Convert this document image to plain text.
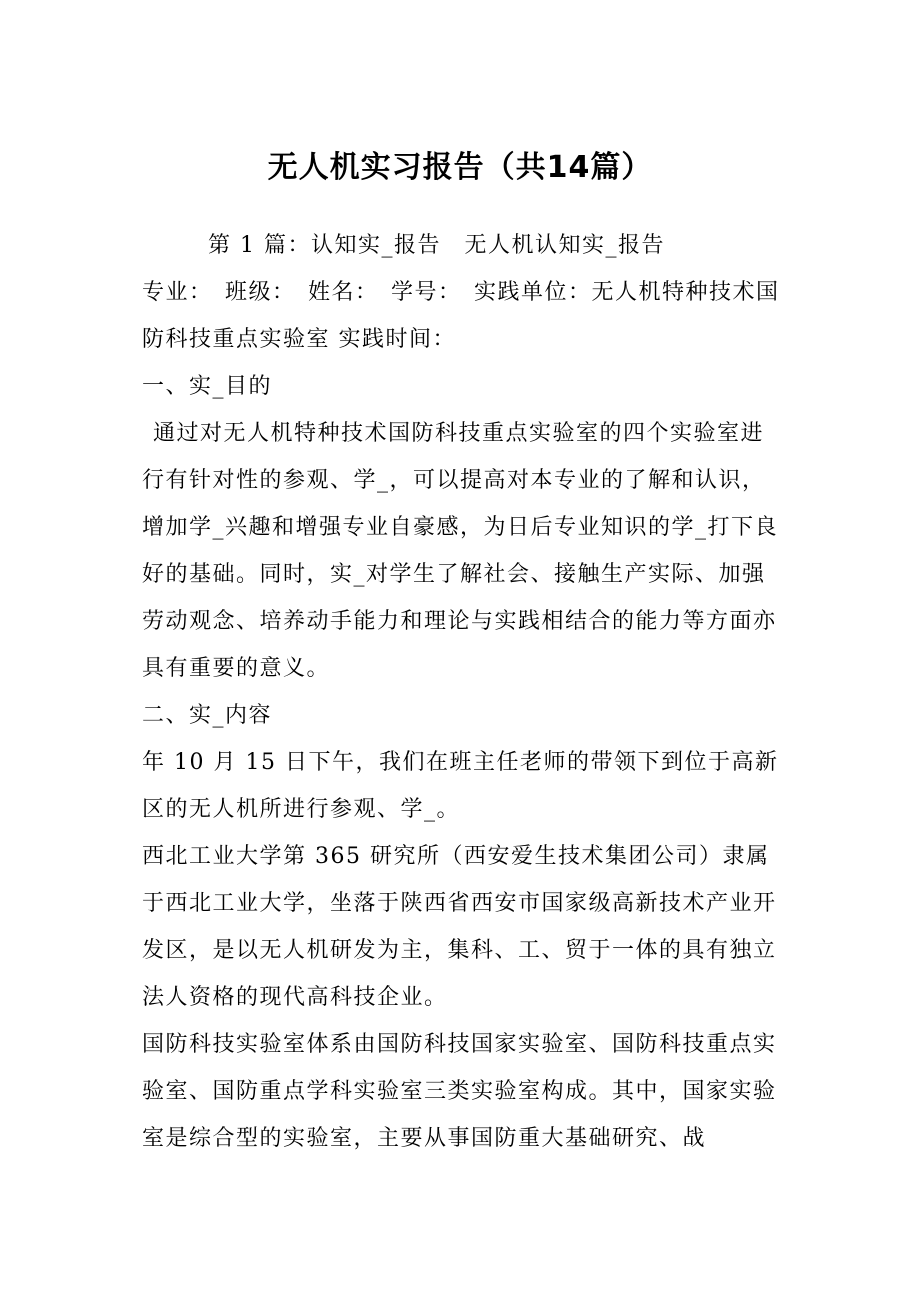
无人机实习报告（共14篇）

第 1 篇：认知实_报告　无人机认知实_报告

专业：　班级：　姓名：　学号：　实践单位：无人机特种技术国防科技重点实验室 实践时间：

一、实_目的

通过对无人机特种技术国防科技重点实验室的四个实验室进行有针对性的参观、学_，可以提高对本专业的了解和认识，增加学_兴趣和增强专业自豪感，为日后专业知识的学_打下良好的基础。同时，实_对学生了解社会、接触生产实际、加强劳动观念、培养动手能力和理论与实践相结合的能力等方面亦具有重要的意义。

二、实_内容

年 10 月 15 日下午，我们在班主任老师的带领下到位于高新区的无人机所进行参观、学_。

西北工业大学第 365 研究所（西安爱生技术集团公司）隶属于西北工业大学，坐落于陕西省西安市国家级高新技术产业开发区，是以无人机研发为主，集科、工、贸于一体的具有独立法人资格的现代高科技企业。

国防科技实验室体系由国防科技国家实验室、国防科技重点实验室、国防重点学科实验室三类实验室构成。其中，国家实验室是综合型的实验室，主要从事国防重大基础研究、战
